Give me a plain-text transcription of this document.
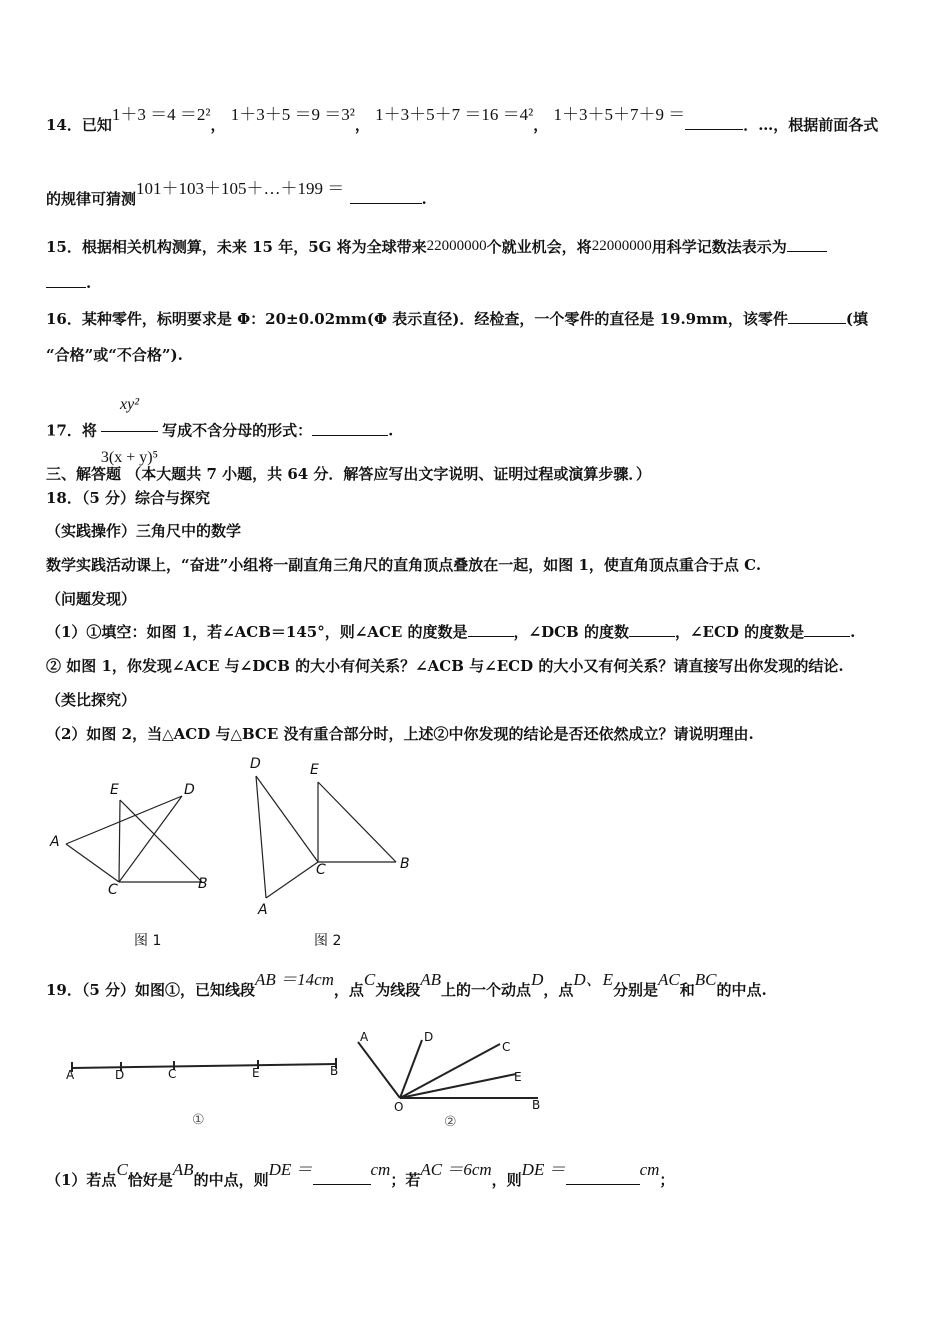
14．已知1＋3 ＝4 ＝2²， 1＋3＋5 ＝9 ＝3²， 1＋3＋5＋7 ＝16 ＝4²， 1＋3＋5＋7＋9 ＝．…，根据前面各式
的规律可猜测101＋103＋105＋…＋199 ＝ .
15．根据相关机构测算，未来 15 年，5G 将为全球带来22000000个就业机会，将22000000用科学记数法表示为
.
16．某种零件，标明要求是 Φ：20±0.02mm(Φ 表示直径)．经检查，一个零件的直径是 19.9mm，该零件	(填
“合格”或“不合格”).
17．将 $\frac{\text{xy²}}{\text{3(x + y)⁵}}$ 写成不含分母的形式：	.
三、解答题 （本大题共 7 小题，共 64 分．解答应写出文字说明、证明过程或演算步骤．）
18．（5 分）综合与探究
（实践操作）三角尺中的数学
数学实践活动课上，“奋进”小组将一副直角三角尺的直角顶点叠放在一起，如图 1，使直角顶点重合于点 C.
（问题发现）
（1）①填空：如图 1，若∠ACB＝145°，则∠ACE 的度数是	，∠DCB 的度数	，∠ECD 的度数是	.
② 如图 1，你发现∠ACE 与∠DCB 的大小有何关系？∠ACB 与∠ECD 的大小又有何关系？请直接写出你发现的结论.
（类比探究）
（2）如图 2，当△ACD 与△BCE 没有重合部分时，上述②中你发现的结论是否还依然成立？请说明理由.
A
E	D
C	B
图 1
D	E
C	B
A
图 2
19．（5 分）如图①，已知线段AB ＝14cm，点C为线段AB上的一个动点D，点D、E分别是AC和BC的中点.
A	D	C	E	B
①
A	D
C
E
B
O
②
（1）若点C恰好是AB的中点，则DE ＝	cm；若AC ＝6cm，则DE ＝	cm；
